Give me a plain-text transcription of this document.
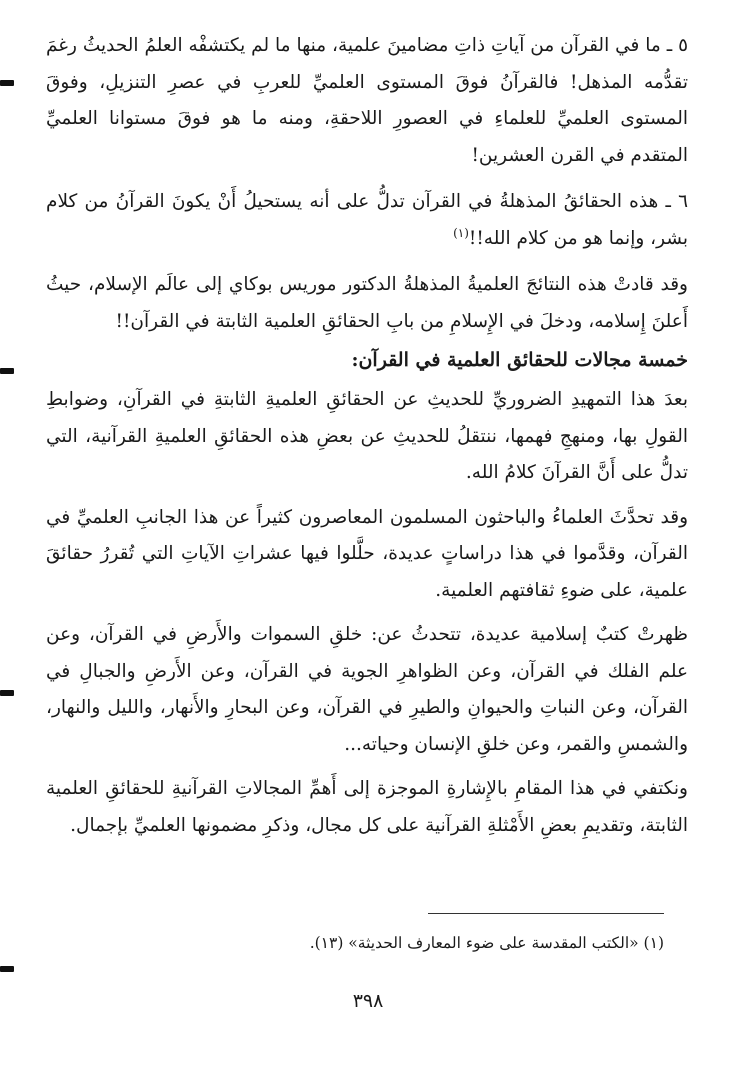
٥ ـ ما في القرآن من آياتِ ذاتِ مضامينَ علمية، منها ما لم يكتشفْه العلمُ الحديثُ رغمَ تقدُّمه المذهل! فالقرآنُ فوقَ المستوى العلميِّ للعربِ في عصرِ التنزيلِ، وفوقَ المستوى العلميِّ للعلماءِ في العصورِ اللاحقةِ، ومنه ما هو فوقَ مستوانا العلميِّ المتقدم في القرن العشرين!

٦ ـ هذه الحقائقُ المذهلةُ في القرآن تدلُّ على أنه يستحيلُ أَنْ يكونَ القرآنُ من كلام بشر، وإنما هو من كلام الله!!$^{(١)}$

وقد قادتْ هذه النتائجَ العلميةُ المذهلةُ الدكتور موريس بوكاي إلى عالَم الإسلام، حيثُ أَعلنَ إِسلامه، ودخلَ في الإِسلامِ من بابِ الحقائقِ العلمية الثابتة في القرآن!!

خمسة مجالات للحقائق العلمية في القرآن:

بعدَ هذا التمهيدِ الضروريِّ للحديثِ عن الحقائقِ العلميةِ الثابتةِ في القرآنِ، وضوابطِ القولِ بها، ومنهجِ فهمها، ننتقلُ للحديثِ عن بعضِ هذه الحقائقِ العلميةِ القرآنية، التي تدلُّ على أَنَّ القرآنَ كلامُ الله.

وقد تحدَّثَ العلماءُ والباحثون المسلمون المعاصرون كثيراً عن هذا الجانبِ العلميِّ في القرآن، وقدَّموا في هذا دراساتٍ عديدة، حلَّلوا فيها عشراتِ الآياتِ التي تُقررُ حقائقَ علمية، على ضوءِ ثقافتهم العلمية.

ظهرتْ كتبٌ إسلامية عديدة، تتحدثُ عن: خلقِ السموات والأَرضِ في القرآن، وعن علم الفلك في القرآن، وعن الظواهرِ الجوية في القرآن، وعن الأَرضِ والجبالِ في القرآن، وعن النباتِ والحيوانِ والطيرِ في القرآن، وعن البحارِ والأَنهار، والليل والنهار، والشمسِ والقمر، وعن خلقِ الإنسان وحياته...

ونكتفي في هذا المقامِ بالإِشارةِ الموجزة إلى أَهمِّ المجالاتِ القرآنيةِ للحقائقِ العلمية الثابتة، وتقديمِ بعضِ الأَمْثلةِ القرآنية على كل مجال، وذكرِ مضمونها العلميِّ بإجمال.

(١) «الكتب المقدسة على ضوء المعارف الحديثة» (١٣).
٣٩٨
